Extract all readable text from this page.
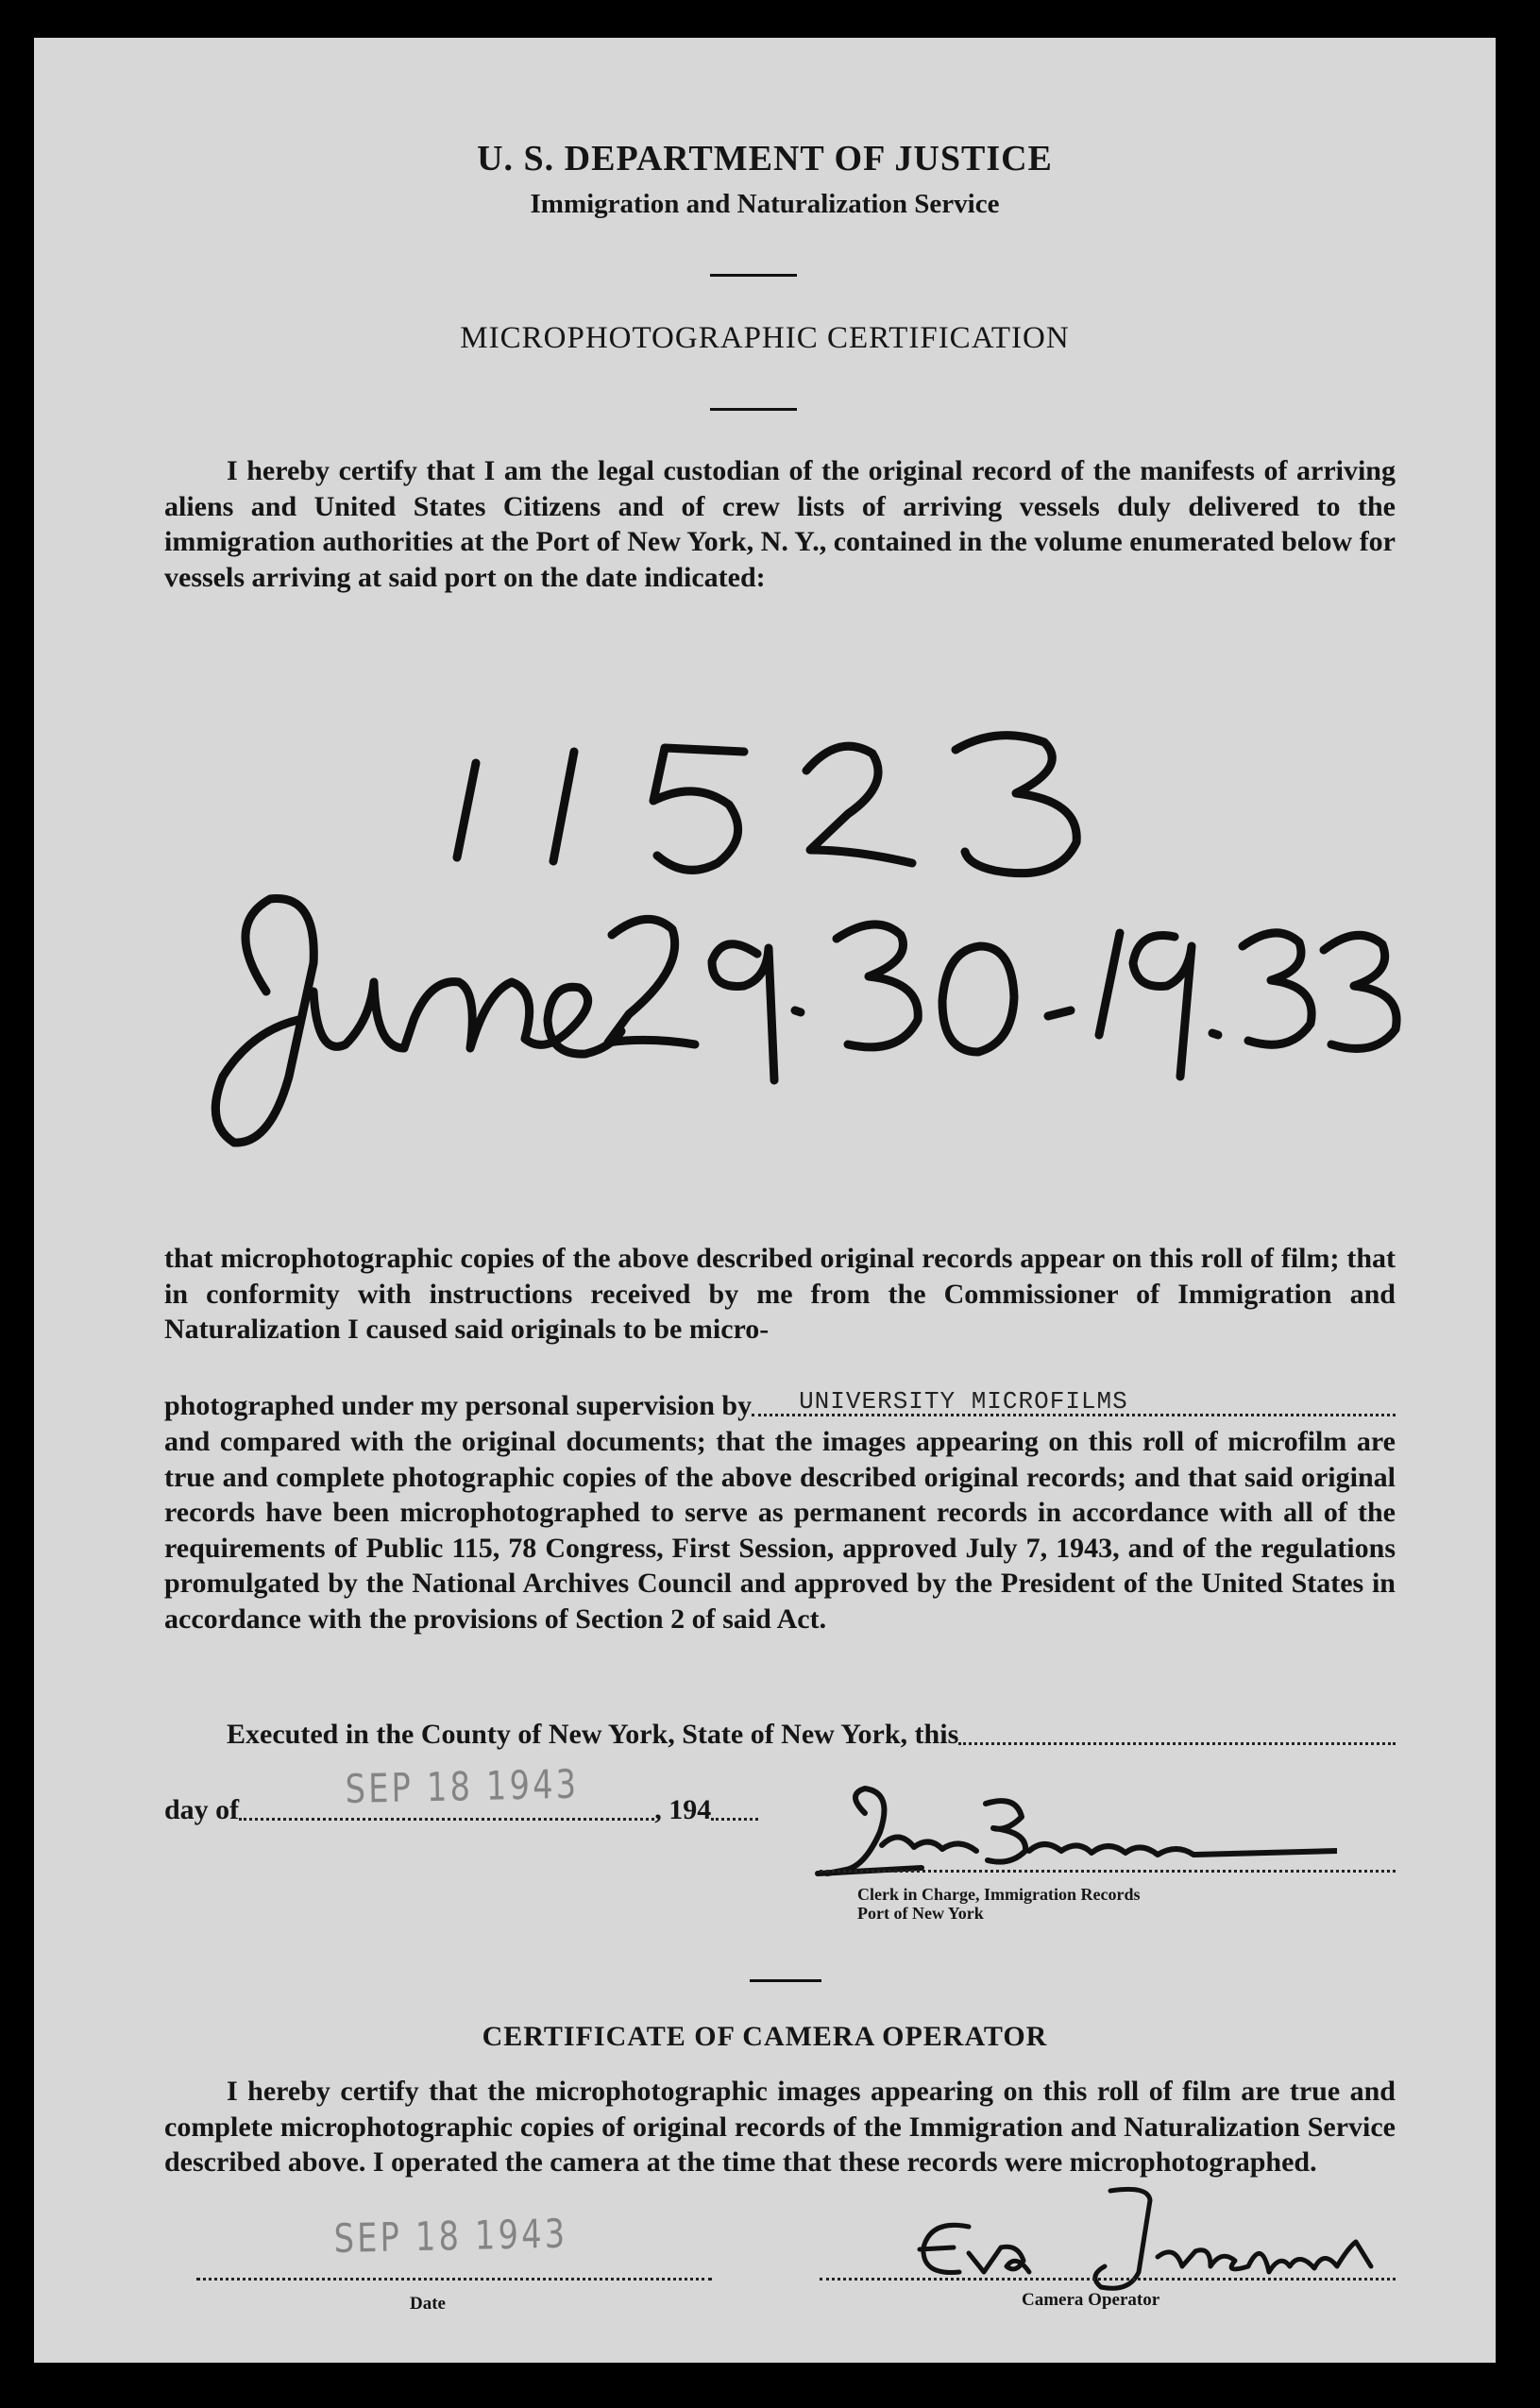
U. S. DEPARTMENT OF JUSTICE
Immigration and Naturalization Service
MICROPHOTOGRAPHIC CERTIFICATION
I hereby certify that I am the legal custodian of the original record of the manifests of arriving aliens and United States Citizens and of crew lists of arriving vessels duly delivered to the immigration authorities at the Port of New York, N. Y., contained in the volume enumerated below for vessels arriving at said port on the date indicated:
that microphotographic copies of the above described original records appear on this roll of film; that in conformity with instructions received by me from the Commissioner of Immigration and Naturalization I caused said originals to be micro-
photographed under my personal supervision by UNIVERSITY MICROFILMS
and compared with the original documents; that the images appearing on this roll of microfilm are true and complete photographic copies of the above described original records; and that said original records have been microphotographed to serve as permanent records in accordance with all of the requirements of Public 115, 78 Congress, First Session, approved July 7, 1943, and of the regulations promulgated by the National Archives Council and approved by the President of the United States in accordance with the provisions of Section 2 of said Act.
Executed in the County of New York, State of New York, this
day of	, 194
SEP 18 1943
Clerk in Charge, Immigration Records
Port of New York
CERTIFICATE OF CAMERA OPERATOR
I hereby certify that the microphotographic images appearing on this roll of film are true and complete microphotographic copies of original records of the Immigration and Naturalization Service described above. I operated the camera at the time that these records were microphotographed.
SEP 18 1943
Date	Camera Operator
